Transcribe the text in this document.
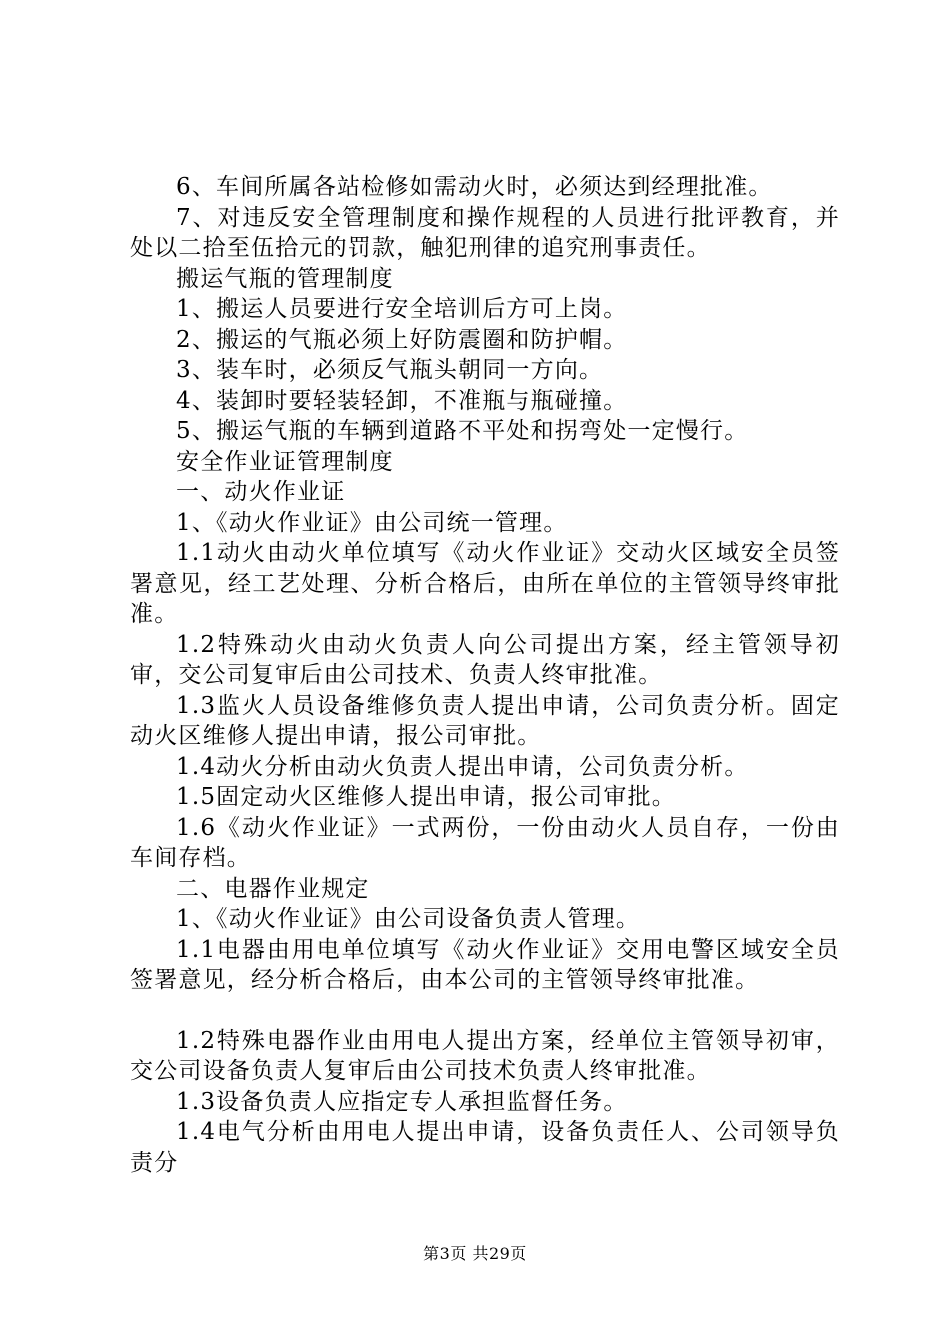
6、车间所属各站检修如需动火时，必须达到经理批准。

7、对违反安全管理制度和操作规程的人员进行批评教育，并处以二拾至伍拾元的罚款，触犯刑律的追究刑事责任。

搬运气瓶的管理制度

1、搬运人员要进行安全培训后方可上岗。

2、搬运的气瓶必须上好防震圈和防护帽。

3、装车时，必须反气瓶头朝同一方向。

4、装卸时要轻装轻卸，不准瓶与瓶碰撞。

5、搬运气瓶的车辆到道路不平处和拐弯处一定慢行。

安全作业证管理制度

一、动火作业证

1、《动火作业证》由公司统一管理。

1.1动火由动火单位填写《动火作业证》交动火区域安全员签署意见，经工艺处理、分析合格后，由所在单位的主管领导终审批准。

1.2特殊动火由动火负责人向公司提出方案，经主管领导初审，交公司复审后由公司技术、负责人终审批准。

1.3监火人员设备维修负责人提出申请，公司负责分析。固定动火区维修人提出申请，报公司审批。

1.4动火分析由动火负责人提出申请，公司负责分析。

1.5固定动火区维修人提出申请，报公司审批。

1.6《动火作业证》一式两份，一份由动火人员自存，一份由车间存档。

二、电器作业规定

1、《动火作业证》由公司设备负责人管理。

1.1电器由用电单位填写《动火作业证》交用电警区域安全员签署意见，经分析合格后，由本公司的主管领导终审批准。

1.2特殊电器作业由用电人提出方案，经单位主管领导初审，交公司设备负责人复审后由公司技术负责人终审批准。

1.3设备负责人应指定专人承担监督任务。

1.4电气分析由用电人提出申请，设备负责任人、公司领导负责分

第3页 共29页
